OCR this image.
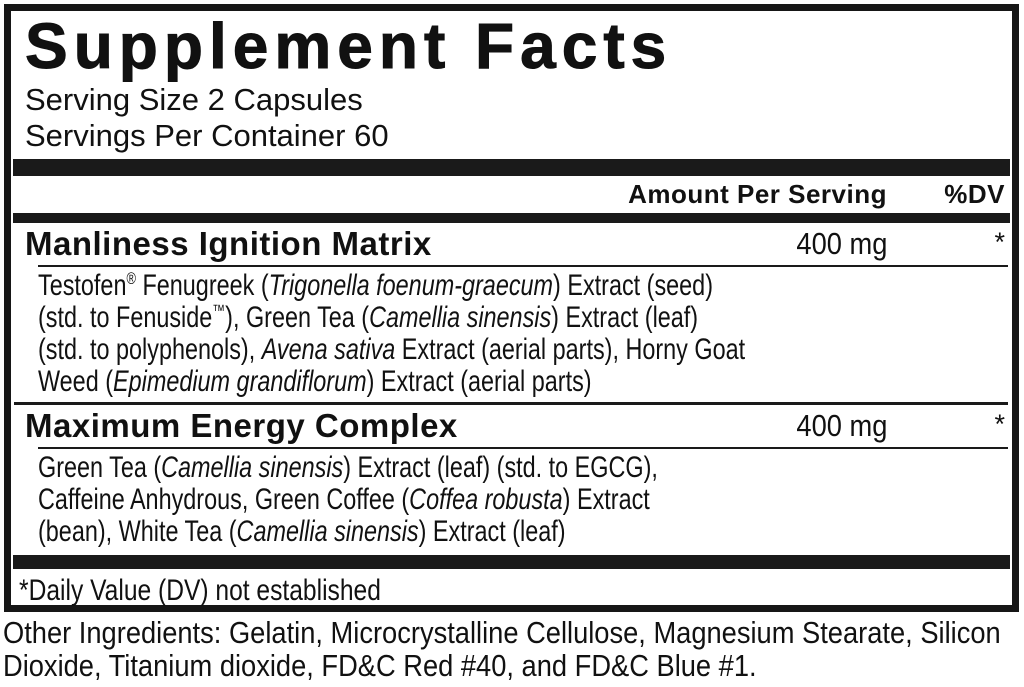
Supplement Facts
Serving Size 2 Capsules
Servings Per Container 60
Amount Per Serving	%DV
Manliness Ignition Matrix	400 mg	*
Testofen® Fenugreek (Trigonella foenum-graecum) Extract (seed)
(std. to Fenuside™), Green Tea (Camellia sinensis) Extract (leaf)
(std. to polyphenols), Avena sativa Extract (aerial parts), Horny Goat
Weed (Epimedium grandiflorum) Extract (aerial parts)
Maximum Energy Complex	400 mg	*
Green Tea (Camellia sinensis) Extract (leaf) (std. to EGCG),
Caffeine Anhydrous, Green Coffee (Coffea robusta) Extract
(bean), White Tea (Camellia sinensis) Extract (leaf)
*Daily Value (DV) not established
Other Ingredients: Gelatin, Microcrystalline Cellulose, Magnesium Stearate, Silicon
Dioxide, Titanium dioxide, FD&C Red #40, and FD&C Blue #1.
